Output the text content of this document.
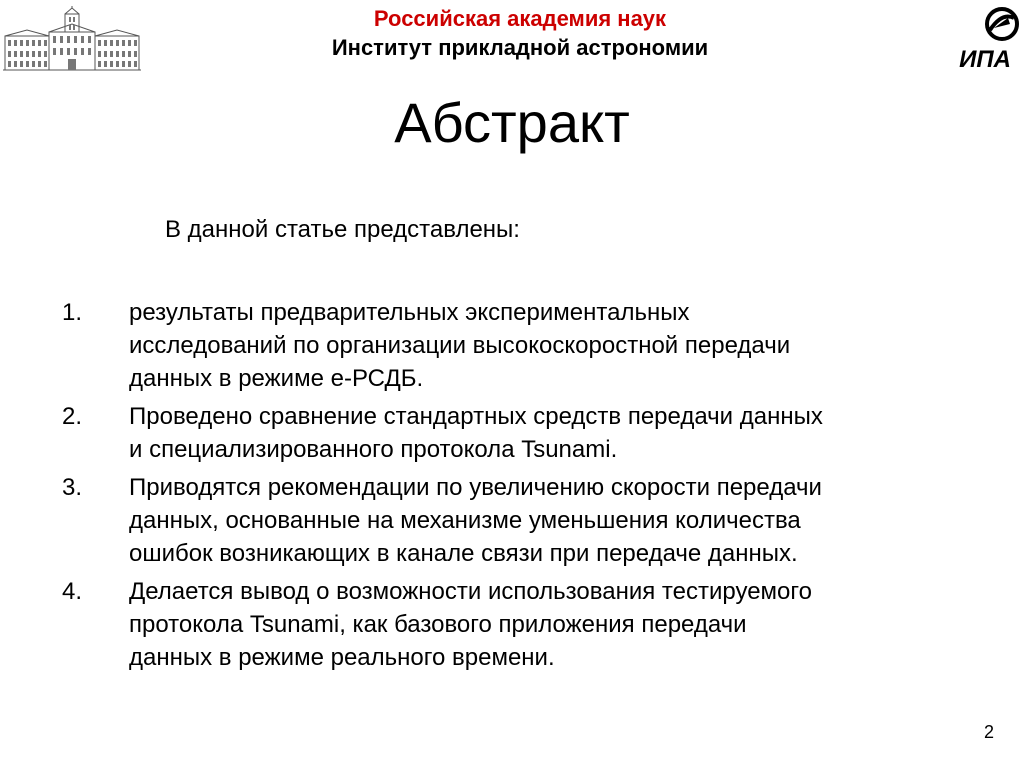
Российская академия наук
Институт прикладной астрономии	ИПА
Абстракт
В данной статье представлены:
1. результаты предварительных экспериментальных
исследований по организации высокоскоростной передачи
данных в режиме е-РСДБ.
2. Проведено сравнение стандартных средств передачи данных
и специализированного протокола Tsunami.
3. Приводятся рекомендации по увеличению скорости передачи
данных, основанные на механизме уменьшения количества
ошибок возникающих в канале связи при передаче данных.
4. Делается вывод о возможности использования тестируемого
протокола Tsunami, как базового приложения передачи
данных в режиме реального времени.
2
